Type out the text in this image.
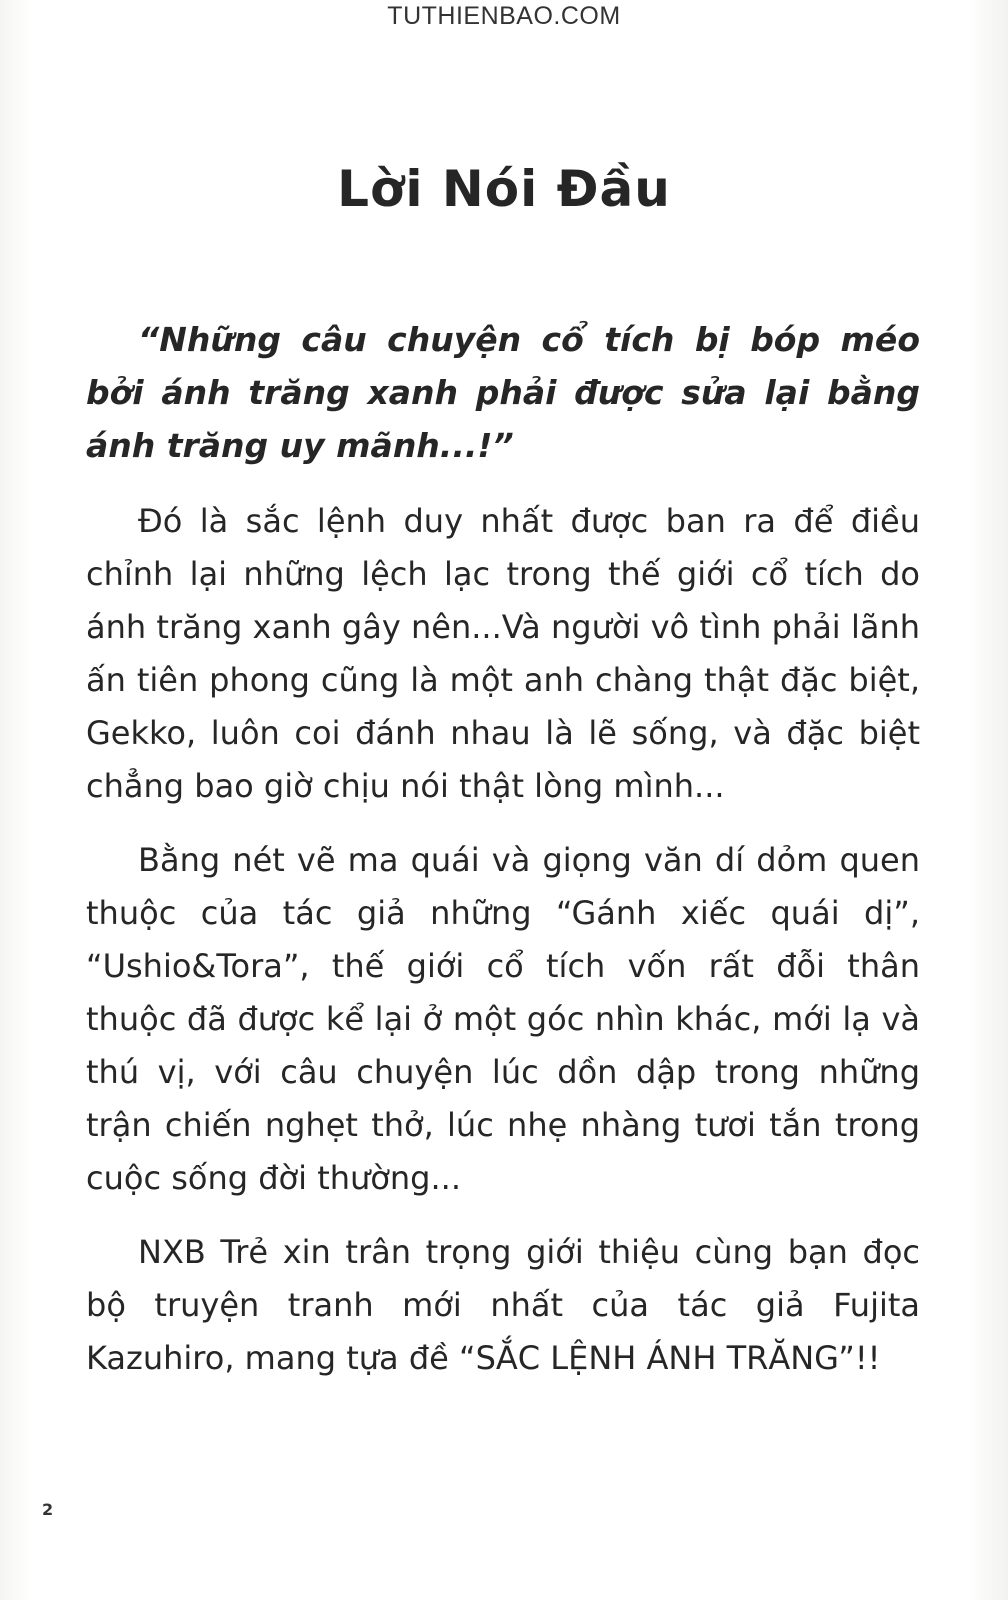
TUTHIENBAO.COM
Lời Nói Đầu
“Những câu chuyện cổ tích bị bóp méo bởi ánh trăng xanh phải được sửa lại bằng ánh trăng uy mãnh...!”
Đó là sắc lệnh duy nhất được ban ra để điều chỉnh lại những lệch lạc trong thế giới cổ tích do ánh trăng xanh gây nên...Và người vô tình phải lãnh ấn tiên phong cũng là một anh chàng thật đặc biệt, Gekko, luôn coi đánh nhau là lẽ sống, và đặc biệt chẳng bao giờ chịu nói thật lòng mình...
Bằng nét vẽ ma quái và giọng văn dí dỏm quen thuộc của tác giả những “Gánh xiếc quái dị”, “Ushio&Tora”, thế giới cổ tích vốn rất đỗi thân thuộc đã được kể lại ở một góc nhìn khác, mới lạ và thú vị, với câu chuyện lúc dồn dập trong những trận chiến nghẹt thở, lúc nhẹ nhàng tươi tắn trong cuộc sống đời thường...
NXB Trẻ xin trân trọng giới thiệu cùng bạn đọc bộ truyện tranh mới nhất của tác giả Fujita Kazuhiro, mang tựa đề “SẮC LỆNH ÁNH TRĂNG”!!
2
